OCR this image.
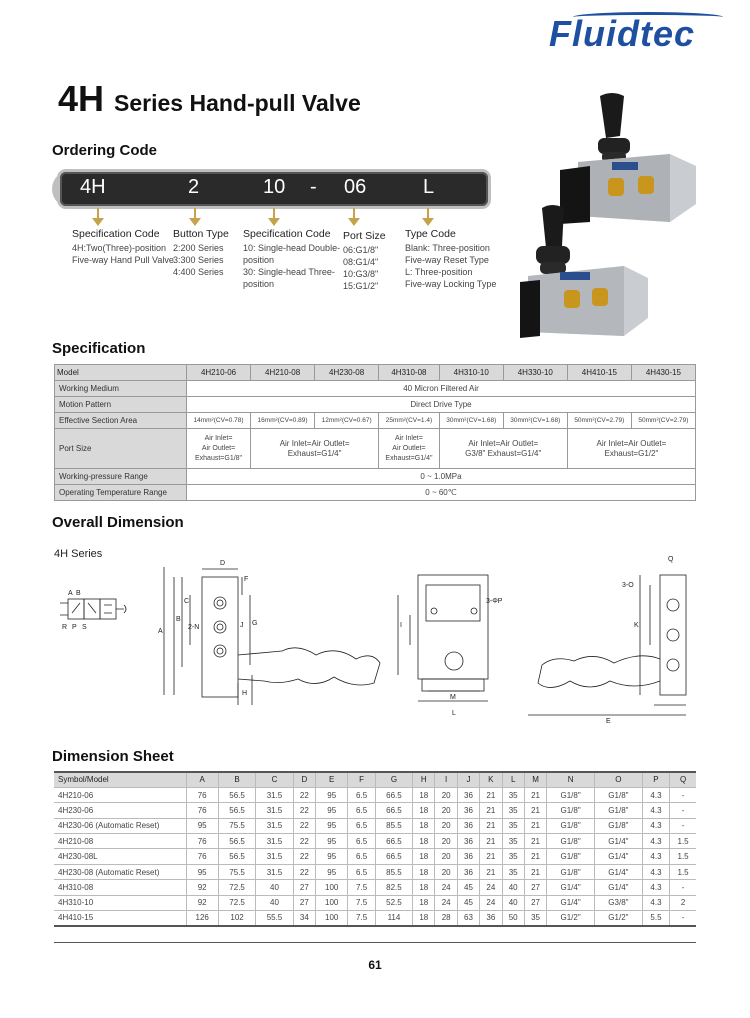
Fluidtec
4H Series Hand-pull Valve
Ordering Code
4H	2	10 - 06	L
Specification Code
4H:Two(Three)-position
Five-way Hand Pull Valve
Button Type
2:200 Series
3:300 Series
4:400 Series
Specification Code
10: Single-head Double-
position
30: Single-head Three-
position
Port Size
06:G1/8"
08:G1/4"
10:G3/8"
15:G1/2"
Type Code
Blank: Three-position
Five-way Reset Type
L: Three-position
Five-way Locking Type
Specification
Model	4H210-06	4H210-08	4H230-08	4H310-08	4H310-10	4H330-10	4H410-15	4H430-15
Working Medium	40 Micron Filtered Air							
Motion Pattern	Direct Drive Type							
Effective Section Area	14mm²(CV=0.78)	16mm²(CV=0.89)	12mm²(CV=0.67)	25mm²(CV=1.4)	30mm²(CV=1.68)	30mm²(CV=1.68)	50mm²(CV=2.79)	50mm²(CV=2.79)
Port Size	Air Inlet=
Air Outlet=
Exhaust=G1/8"	Air Inlet=Air Outlet=
Exhaust=G1/4"		Air Inlet=
Air Outlet=
Exhaust=G1/4"	Air Inlet=Air Outlet=
G3/8" Exhaust=G1/4"		Air Inlet=Air Outlet=
Exhaust=G1/2"	
Working-pressure Range	0 ~ 1.0MPa							
Operating Temperature Range	0 ~ 60℃							
Overall Dimension
4H Series
D
C
B
A
F
G
J
2-N
H
3-ΦP
I
M
L
Q
3-O
K
E
A B
R P S
Dimension Sheet
Symbol/Model	A	B	C	D	E	F	G	H	I	J	K	L	M	N	O	P	Q
4H210-06	76	56.5	31.5	22	95	6.5	66.5	18	20	36	21	35	21	G1/8"	G1/8"	4.3	-
4H230-06	76	56.5	31.5	22	95	6.5	66.5	18	20	36	21	35	21	G1/8"	G1/8"	4.3	-
4H230-06 (Automatic Reset)	95	75.5	31.5	22	95	6.5	85.5	18	20	36	21	35	21	G1/8"	G1/8"	4.3	-
4H210-08	76	56.5	31.5	22	95	6.5	66.5	18	20	36	21	35	21	G1/8"	G1/4"	4.3	1.5
4H230-08L	76	56.5	31.5	22	95	6.5	66.5	18	20	36	21	35	21	G1/8"	G1/4"	4.3	1.5
4H230-08 (Automatic Reset)	95	75.5	31.5	22	95	6.5	85.5	18	20	36	21	35	21	G1/8"	G1/4"	4.3	1.5
4H310-08	92	72.5	40	27	100	7.5	82.5	18	24	45	24	40	27	G1/4"	G1/4"	4.3	-
4H310-10	92	72.5	40	27	100	7.5	52.5	18	24	45	24	40	27	G1/4"	G3/8"	4.3	2
4H410-15	126	102	55.5	34	100	7.5	114	18	28	63	36	50	35	G1/2"	G1/2"	5.5	-
61
